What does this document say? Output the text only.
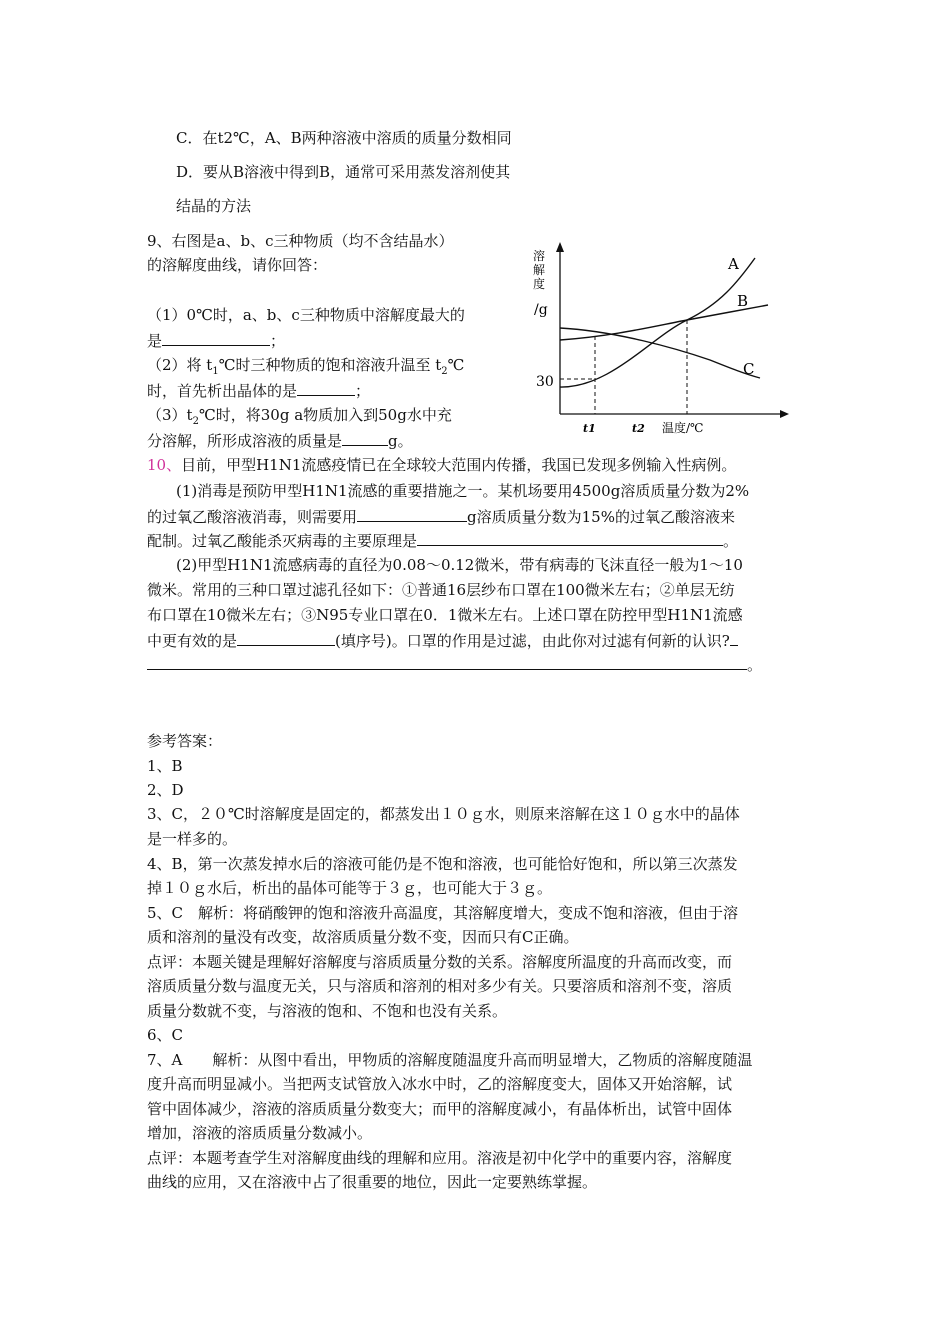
C．在t2℃，A、B两种溶液中溶质的质量分数相同
D．要从B溶液中得到B，通常可采用蒸发溶剂使其
结晶的方法
9、右图是a、b、c三种物质（均不含结晶水）
的溶解度曲线，请你回答：
（1）0℃时，a、b、c三种物质中溶解度最大的
是	；
（2）将 $t_1℃$时三种物质的饱和溶液升温至 $t_2℃$
时，首先析出晶体的是	；
$(3)t_2℃$时，将30g a物质加入到50g水中充
分溶解，所形成溶液的质量是	g。
溶
解
度
/g
30
A
B
C
t1	t2 温度/℃
10、目前，甲型H1N1流感疫情已在全球较大范围内传播，我国已发现多例输入性病例。
(1)消毒是预防甲型H1N1流感的重要措施之一。某机场要用4500g溶质质量分数为2%
的过氧乙酸溶液消毒，则需要用	g溶质质量分数为15%的过氧乙酸溶液来
配制。过氧乙酸能杀灭病毒的主要原理是	。
(2)甲型H1N1流感病毒的直径为0.08～0.12微米，带有病毒的飞沫直径一般为1～10
微米。常用的三种口罩过滤孔径如下：①普通16层纱布口罩在100微米左右；②单层无纺
布口罩在10微米左右；③N95专业口罩在0．1微米左右。上述口罩在防控甲型H1N1流感
中更有效的是	(填序号)。口罩的作用是过滤，由此你对过滤有何新的认识?
。
参考答案：
1、B
2、D
3、C，２０℃时溶解度是固定的，都蒸发出１０ｇ水，则原来溶解在这１０ｇ水中的晶体
是一样多的。
4、B，第一次蒸发掉水后的溶液可能仍是不饱和溶液，也可能恰好饱和，所以第三次蒸发
掉１０ｇ水后，析出的晶体可能等于３ｇ，也可能大于３ｇ。
5、C　解析：将硝酸钾的饱和溶液升高温度，其溶解度增大，变成不饱和溶液，但由于溶
质和溶剂的量没有改变，故溶质质量分数不变，因而只有C正确。
点评：本题关键是理解好溶解度与溶质质量分数的关系。溶解度所温度的升高而改变，而
溶质质量分数与温度无关，只与溶质和溶剂的相对多少有关。只要溶质和溶剂不变，溶质
质量分数就不变，与溶液的饱和、不饱和也没有关系。
6、C
7、A　　解析：从图中看出，甲物质的溶解度随温度升高而明显增大，乙物质的溶解度随温
度升高而明显减小。当把两支试管放入冰水中时，乙的溶解度变大，固体又开始溶解，试
管中固体减少，溶液的溶质质量分数变大；而甲的溶解度减小，有晶体析出，试管中固体
增加，溶液的溶质质量分数减小。
点评：本题考查学生对溶解度曲线的理解和应用。溶液是初中化学中的重要内容，溶解度
曲线的应用，又在溶液中占了很重要的地位，因此一定要熟练掌握。
